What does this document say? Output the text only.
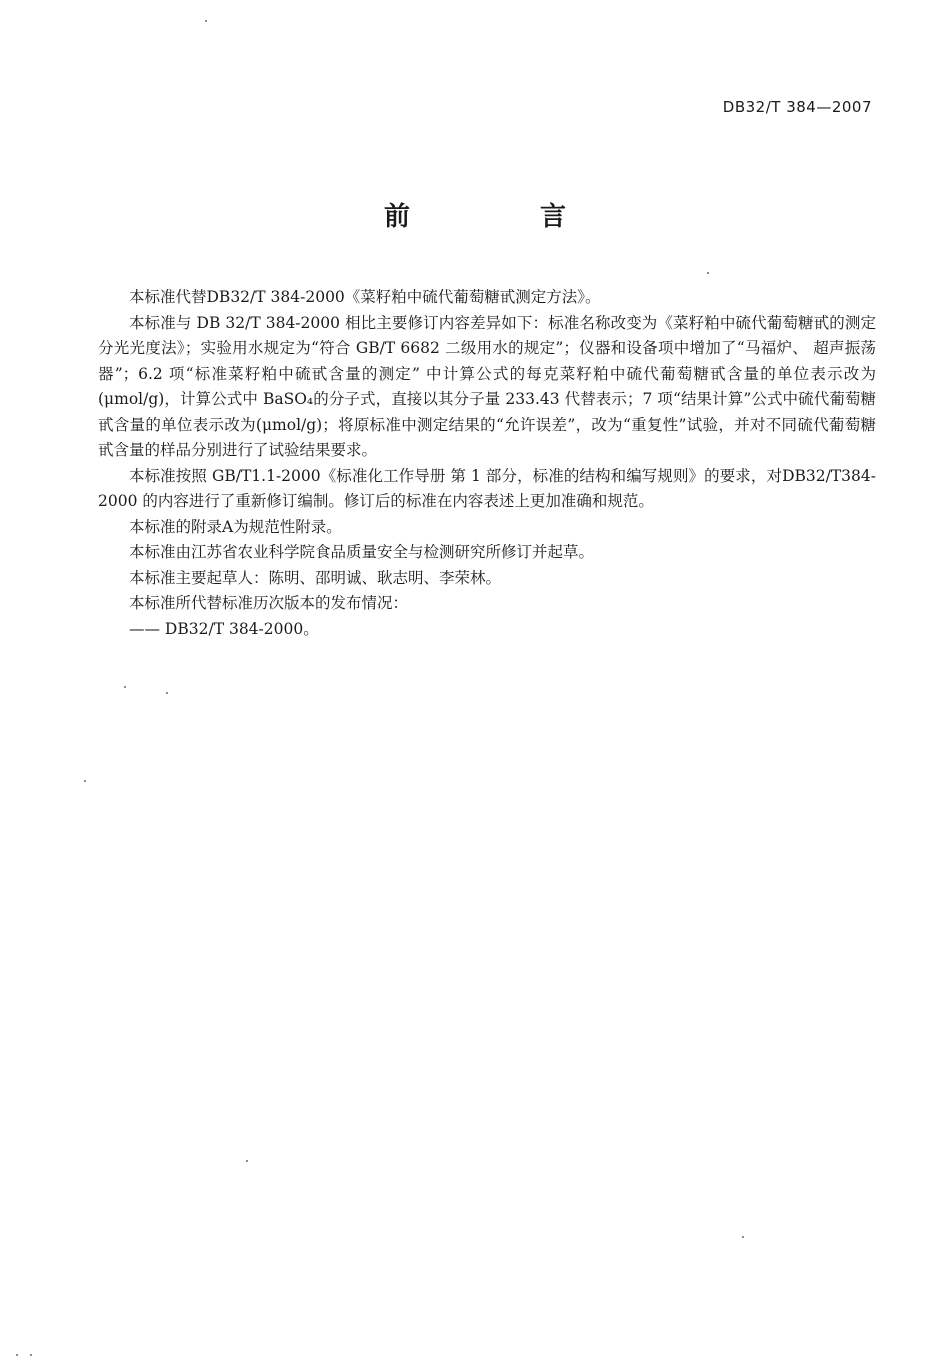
DB32/T 384—2007
前　言

本标准代替DB32/T 384-2000《菜籽粕中硫代葡萄糖甙测定方法》。

本标准与 DB 32/T 384-2000 相比主要修订内容差异如下：标准名称改变为《菜籽粕中硫代葡萄糖甙的测定 分光光度法》；实验用水规定为“符合 GB/T 6682 二级用水的规定”；仪器和设备项中增加了“马福炉、 超声振荡器”；6.2 项“标准菜籽粕中硫甙含量的测定” 中计算公式的每克菜籽粕中硫代葡萄糖甙含量的单位表示改为(μmol/g)，计算公式中 BaSO₄的分子式，直接以其分子量 233.43 代替表示；7 项“结果计算”公式中硫代葡萄糖甙含量的单位表示改为(μmol/g)；将原标准中测定结果的“允许误差”，改为“重复性”试验，并对不同硫代葡萄糖甙含量的样品分别进行了试验结果要求。

本标准按照 GB/T1.1-2000《标准化工作导册 第 1 部分，标准的结构和编写规则》的要求，对DB32/T384-2000 的内容进行了重新修订编制。修订后的标准在内容表述上更加准确和规范。

本标准的附录A为规范性附录。

本标准由江苏省农业科学院食品质量安全与检测研究所修订并起草。

本标准主要起草人：陈明、邵明诚、耿志明、李荣林。

本标准所代替标准历次版本的发布情况：

—— DB32/T 384-2000。
